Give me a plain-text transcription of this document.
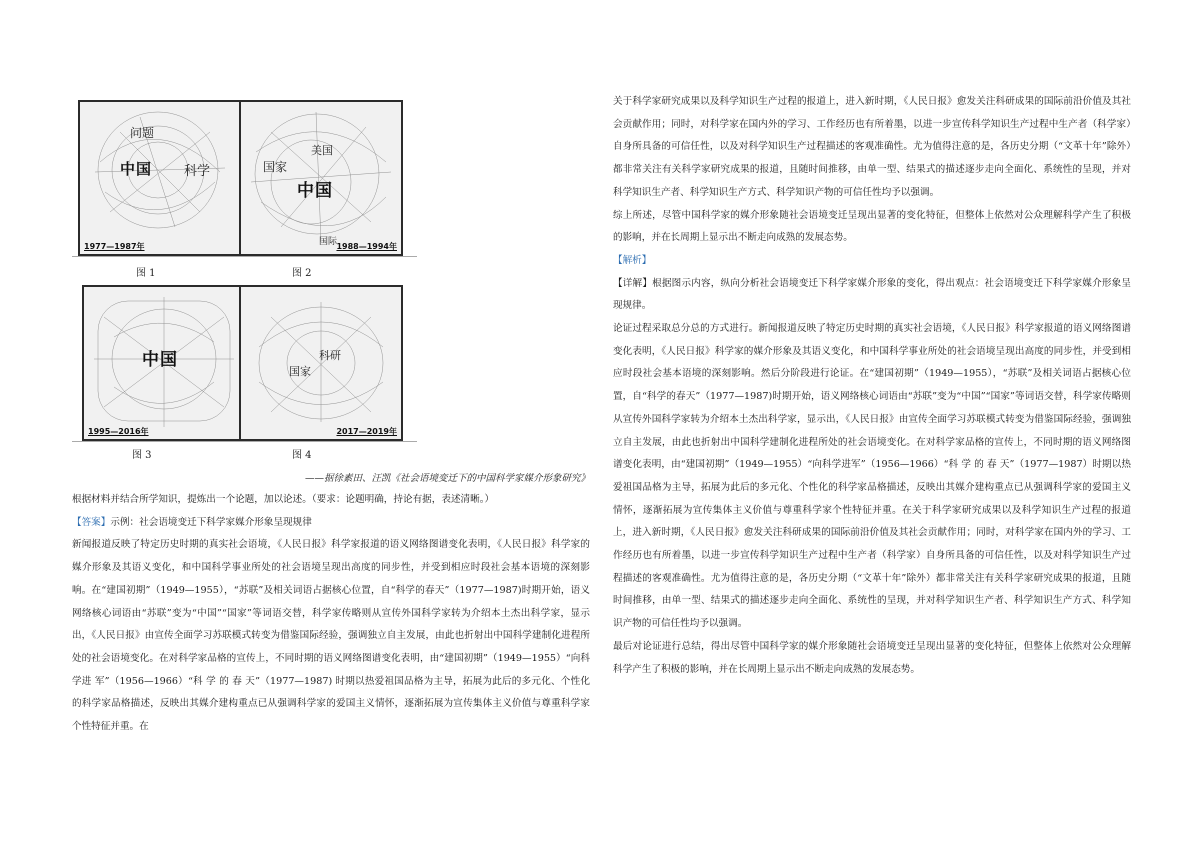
问题
中国 科学
1977—1987年
美国
国家
中国
国际 1988—1994年
图 1	图 2
中国
1995—2016年
科研
国家
2017—2019年
图 3	图 4
——据徐素田、汪凯《社会语境变迁下的中国科学家媒介形象研究》

根据材料并结合所学知识，提炼出一个论题，加以论述。（要求：论题明确，持论有据，表述清晰。）

【答案】示例：社会语境变迁下科学家媒介形象呈现规律

新闻报道反映了特定历史时期的真实社会语境，《人民日报》科学家报道的语义网络图谱变化表明，《人民日报》科学家的媒介形象及其语义变化，和中国科学事业所处的社会语境呈现出高度的同步性，并受到相应时段社会基本语境的深刻影响。在“建国初期”（1949—1955），“苏联”及相关词语占据核心位置，自“科学的春天”（1977—1987)时期开始，语义网络核心词语由“苏联”变为“中国”“国家”等词语交替，科学家传略则从宣传外国科学家转为介绍本土杰出科学家，显示出，《人民日报》由宣传全面学习苏联模式转变为借鉴国际经验，强调独立自主发展，由此也折射出中国科学建制化进程所处的社会语境变化。在对科学家品格的宣传上，不同时期的语义网络图谱变化表明，由“建国初期”（1949—1955）“向科学进 军”（1956—1966）“科 学 的 春 天”（1977—1987) 时期以热爱祖国品格为主导，拓展为此后的多元化、个性化的科学家品格描述，反映出其媒介建构重点已从强调科学家的爱国主义情怀，逐渐拓展为宣传集体主义价值与尊重科学家个性特征并重。在

关于科学家研究成果以及科学知识生产过程的报道上，进入新时期，《人民日报》愈发关注科研成果的国际前沿价值及其社会贡献作用；同时，对科学家在国内外的学习、工作经历也有所着墨，以进一步宣传科学知识生产过程中生产者（科学家）自身所具备的可信任性，以及对科学知识生产过程描述的客观准确性。尤为值得注意的是，各历史分期（“文革十年”除外）都非常关注有关科学家研究成果的报道，且随时间推移，由单一型、结果式的描述逐步走向全面化、系统性的呈现，并对科学知识生产者、科学知识生产方式、科学知识产物的可信任性均予以强调。

综上所述，尽管中国科学家的媒介形象随社会语境变迁呈现出显著的变化特征，但整体上依然对公众理解科学产生了积极的影响，并在长周期上显示出不断走向成熟的发展态势。

【解析】

【详解】根据图示内容，纵向分析社会语境变迁下科学家媒介形象的变化，得出观点：社会语境变迁下科学家媒介形象呈现规律。

论证过程采取总分总的方式进行。新闻报道反映了特定历史时期的真实社会语境，《人民日报》科学家报道的语义网络图谱变化表明，《人民日报》科学家的媒介形象及其语义变化，和中国科学事业所处的社会语境呈现出高度的同步性，并受到相应时段社会基本语境的深刻影响。然后分阶段进行论证。在“建国初期”（1949—1955），“苏联”及相关词语占据核心位置，自“科学的春天”（1977—1987)时期开始，语义网络核心词语由“苏联”变为“中国”“国家”等词语交替，科学家传略则从宣传外国科学家转为介绍本土杰出科学家，显示出，《人民日报》由宣传全面学习苏联模式转变为借鉴国际经验，强调独立自主发展，由此也折射出中国科学建制化进程所处的社会语境变化。在对科学家品格的宣传上，不同时期的语义网络图谱变化表明，由“建国初期”（1949—1955）“向科学进军”（1956—1966）“科 学 的 春 天”（1977—1987）时期以热爱祖国品格为主导，拓展为此后的多元化、个性化的科学家品格描述，反映出其媒介建构重点已从强调科学家的爱国主义情怀，逐渐拓展为宣传集体主义价值与尊重科学家个性特征并重。在关于科学家研究成果以及科学知识生产过程的报道上，进入新时期，《人民日报》愈发关注科研成果的国际前沿价值及其社会贡献作用；同时，对科学家在国内外的学习、工作经历也有所着墨，以进一步宣传科学知识生产过程中生产者（科学家）自身所具备的可信任性，以及对科学知识生产过程描述的客观准确性。尤为值得注意的是，各历史分期（“文革十年”除外）都非常关注有关科学家研究成果的报道，且随时间推移，由单一型、结果式的描述逐步走向全面化、系统性的呈现，并对科学知识生产者、科学知识生产方式、科学知识产物的可信任性均予以强调。

最后对论证进行总结，得出尽管中国科学家的媒介形象随社会语境变迁呈现出显著的变化特征，但整体上依然对公众理解科学产生了积极的影响，并在长周期上显示出不断走向成熟的发展态势。
